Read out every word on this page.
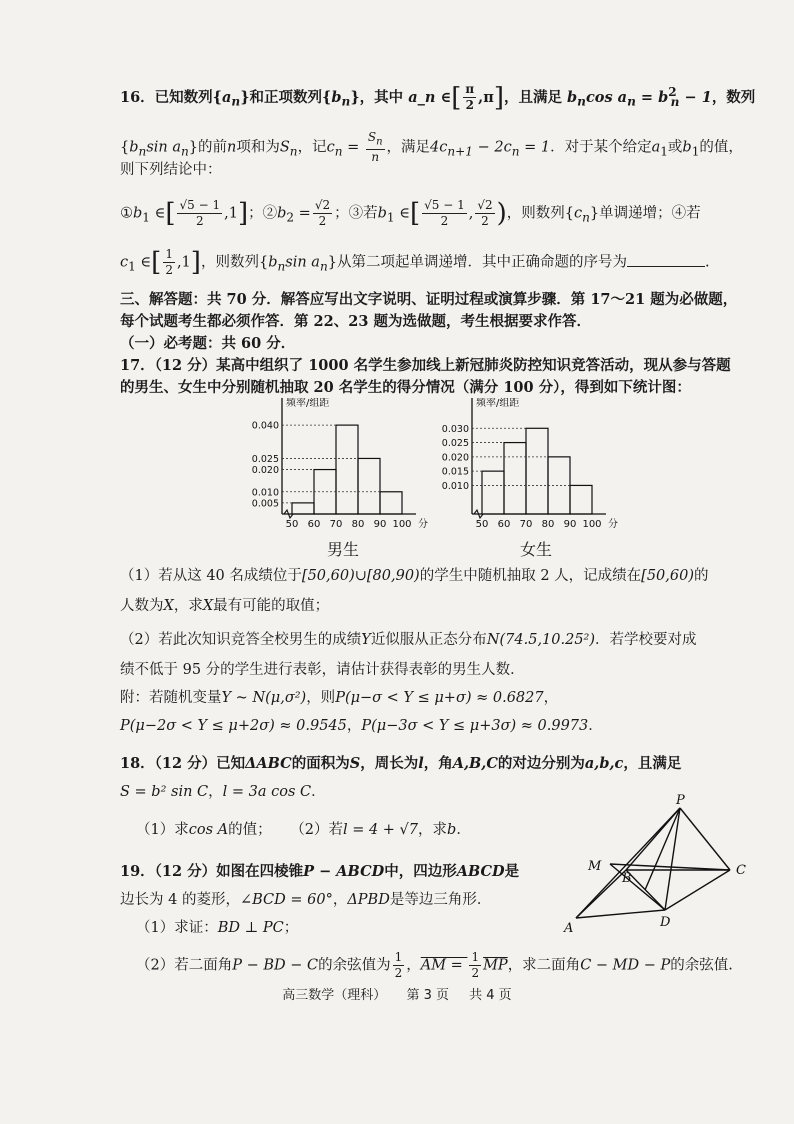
16．已知数列$\{a_n\}$和正项数列$\{b_n\}$，其中 a_n ∈[ $\frac{\pi}{2} ,\pi$]，且满足 $b_n\cos$ $a_n = b^2_n - 1$，数列
{$b_n\sin$ $a_n$}的前n项和为$S_n$，记$c_n = \frac{S_n}{n}$ ，满足$4c_{n+1} - 2c_n = 1$．对于某个给定$a_1$或$b_1$的值，
则下列结论中：
$①b_1$ ∈[ $\frac{√5 - 1}{2} ,1$]；$②b_2 = \frac{√2}{2}$ ；③若$b_1$ ∈[ $\frac{√5 - 1}{2}$ , $\frac{√2}{2}$ )，则数列$\{c_n\}$单调递增；④若
$c_1$ ∈[ $\frac{1}{2} ,1$]，则数列{$b_n\sin$ $a_n$}从第二项起单调递增．其中正确命题的序号为	.
三、解答题：共 70 分．解答应写出文字说明、证明过程或演算步骤．第 17～21 题为必做题，
每个试题考生都必须作答．第 22、23 题为选做题，考生根据要求作答．
（一）必考题：共 60 分．
17．（12 分）某高中组织了 1000 名学生参加线上新冠肺炎防控知识竞答活动，现从参与答题
的男生、女生中分别随机抽取 20 名学生的得分情况（满分 100 分），得到如下统计图：
频率/组距
0.005
0.010
0.020
0.025
0.040
50 60 70 80 90 100 分
频率/组距
0.010
0.015
0.020
0.025
0.030
50 60 70 80 90 100 分
男生	女生
（1）若从这 40 名成绩位于[50,60)∪[80,90)的学生中随机抽取 2 人，记成绩在[50,60)的
人数为X，求X最有可能的取值；
（2）若此次知识竞答全校男生的成绩Y近似服从正态分布N(74.5,10.25²)．若学校要对成
绩不低于 95 分的学生进行表彰，请估计获得表彰的男生人数．
附：若随机变量Y ~ N(μ,σ²)，则P(μ−σ < Y ≤ μ+σ) ≈ 0.6827，
P(μ−2σ < Y ≤ μ+2σ) ≈ 0.9545，P(μ−3σ < Y ≤ μ+3σ) ≈ 0.9973．
18．（12 分）已知ΔABC的面积为S，周长为l，角A,B,C的对边分别为a,b,c，且满足
S = b² sin C，l = 3a cos C．
（1）求cos A的值； （2）若l = 4 + √7，求b．
19．（12 分）如图在四棱锥P − ABCD中，四边形ABCD是
边长为 4 的菱形，∠BCD = 60°，ΔPBD是等边三角形．
（1）求证：BD ⊥ PC；
（2）若二面角P − BD − C的余弦值为 $\frac{1}{2}$ ，AM = $\frac{1}{2} \overline{MP}$，求二面角C − MD − P的余弦值.
P
M
B
C
A	D
高三数学（理科） 第 3 页 共 4 页
